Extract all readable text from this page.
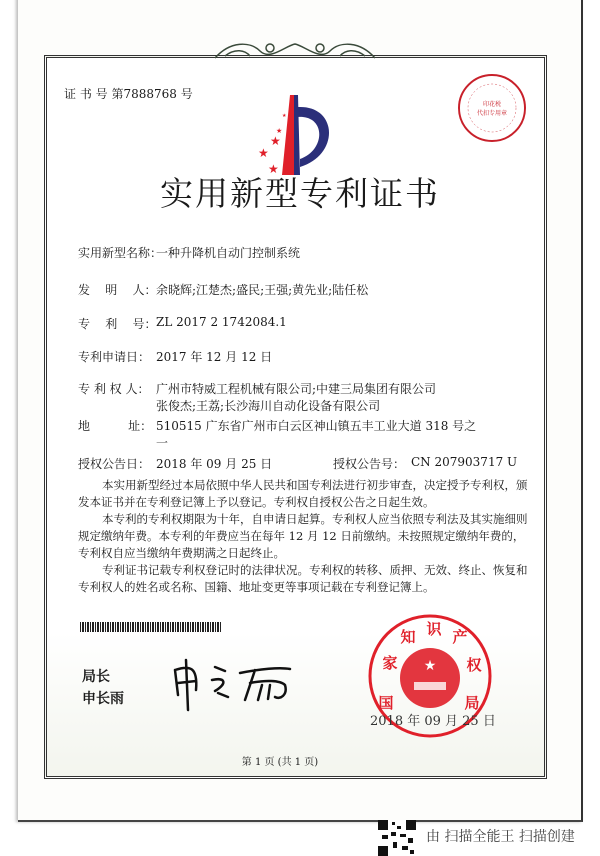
证 书 号 第7888768 号
★
★
★
★
★
印花税
代扣专用章
实用新型专利证书
实用新型名称：
一种升降机自动门控制系统
发    明    人： 余晓辉;江楚杰;盛民;王强;黄先业;陆任松
专    利    号： ZL 2017 2 1742084.1
专利申请日： 2017 年 12 月 12 日
专 利 权 人： 广州市特威工程机械有限公司;中建三局集团有限公司
张俊杰;王荔;长沙海川自动化设备有限公司
地          址： 510515 广东省广州市白云区神山镇五丰工业大道 318 号之
一
授权公告日： 2018 年 09 月 25 日	授权公告号： CN 207903717 U
本实用新型经过本局依照中华人民共和国专利法进行初步审查，决定授予专利权，颁发本证书并在专利登记簿上予以登记。专利权自授权公告之日起生效。
本专利的专利权期限为十年，自申请日起算。专利权人应当依照专利法及其实施细则规定缴纳年费。本专利的年费应当在每年 12 月 12 日前缴纳。未按照规定缴纳年费的，专利权自应当缴纳年费期满之日起终止。
专利证书记载专利权登记时的法律状况。专利权的转移、质押、无效、终止、恢复和专利权人的姓名或名称、国籍、地址变更等事项记载在专利登记簿上。
局长
申长雨
★
国
家
知 识 产
权
局
2018 年 09 月 25 日
第 1 页 (共 1 页)
由 扫描全能王 扫描创建
